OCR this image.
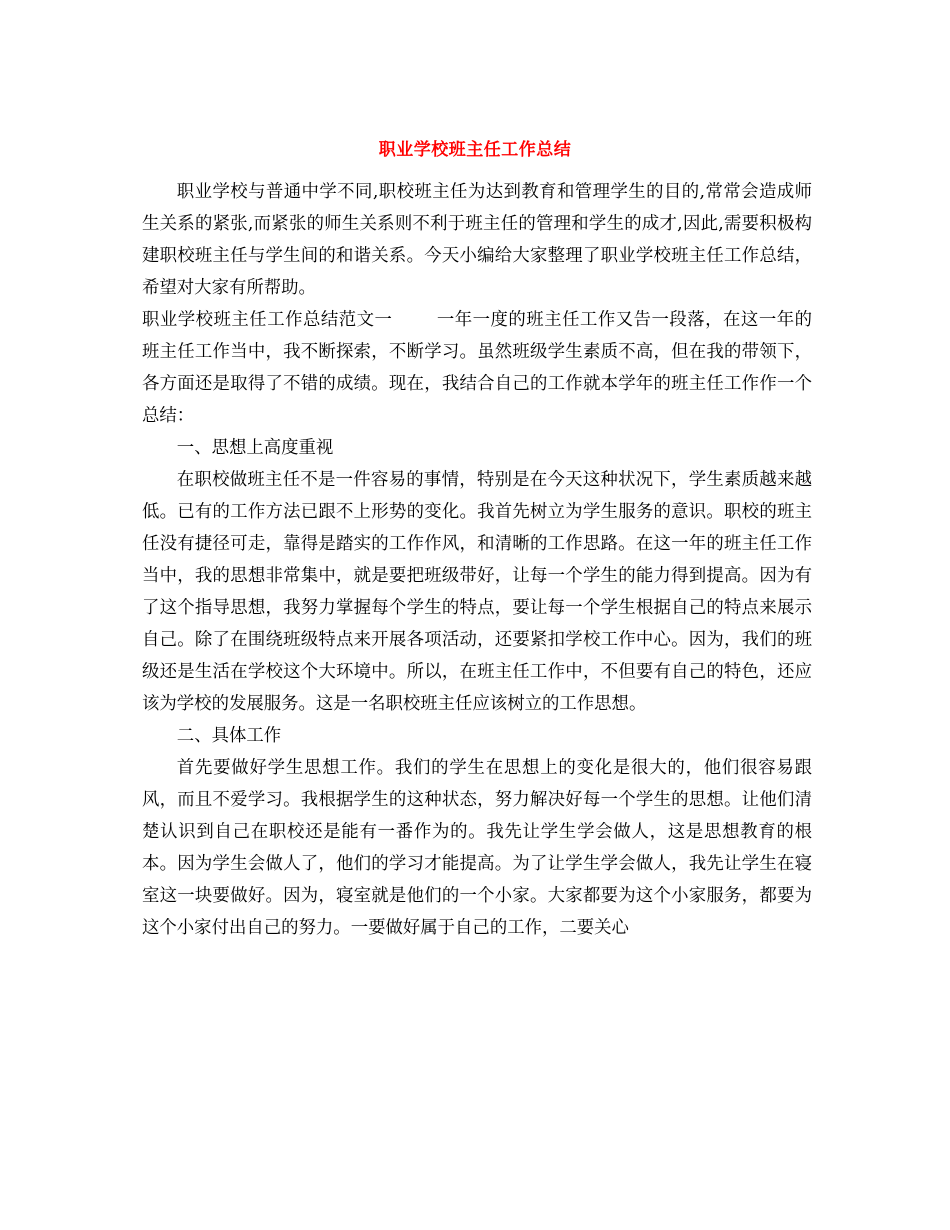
职业学校班主任工作总结

职业学校与普通中学不同,职校班主任为达到教育和管理学生的目的,常常会造成师生关系的紧张,而紧张的师生关系则不利于班主任的管理和学生的成才,因此,需要积极构建职校班主任与学生间的和谐关系。今天小编给大家整理了职业学校班主任工作总结，希望对大家有所帮助。

职业学校班主任工作总结范文一	一年一度的班主任工作又告一段落，在这一年的班主任工作当中，我不断探索，不断学习。虽然班级学生素质不高，但在我的带领下，各方面还是取得了不错的成绩。现在，我结合自己的工作就本学年的班主任工作作一个总结：

一、思想上高度重视

在职校做班主任不是一件容易的事情，特别是在今天这种状况下，学生素质越来越低。已有的工作方法已跟不上形势的变化。我首先树立为学生服务的意识。职校的班主任没有捷径可走，靠得是踏实的工作作风，和清晰的工作思路。在这一年的班主任工作当中，我的思想非常集中，就是要把班级带好，让每一个学生的能力得到提高。因为有了这个指导思想，我努力掌握每个学生的特点，要让每一个学生根据自己的特点来展示自己。除了在围绕班级特点来开展各项活动，还要紧扣学校工作中心。因为，我们的班级还是生活在学校这个大环境中。所以，在班主任工作中，不但要有自己的特色，还应该为学校的发展服务。这是一名职校班主任应该树立的工作思想。

二、具体工作

首先要做好学生思想工作。我们的学生在思想上的变化是很大的，他们很容易跟风，而且不爱学习。我根据学生的这种状态，努力解决好每一个学生的思想。让他们清楚认识到自己在职校还是能有一番作为的。我先让学生学会做人，这是思想教育的根本。因为学生会做人了，他们的学习才能提高。为了让学生学会做人，我先让学生在寝室这一块要做好。因为，寝室就是他们的一个小家。大家都要为这个小家服务，都要为这个小家付出自己的努力。一要做好属于自己的工作，二要关心
